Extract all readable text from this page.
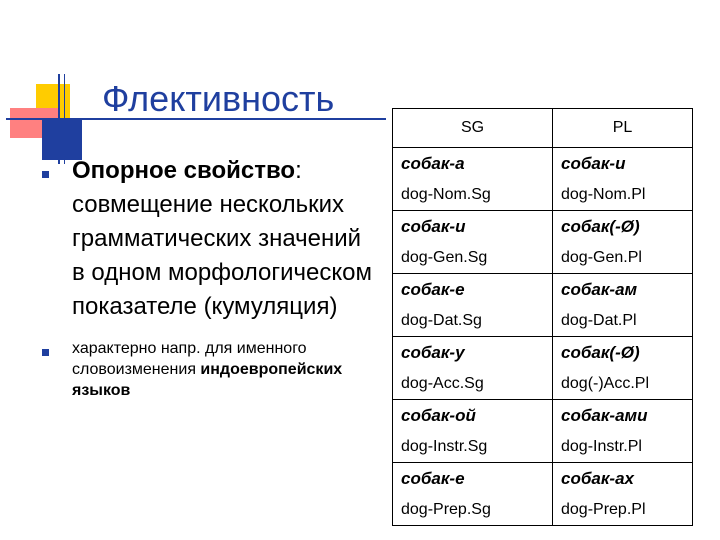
Флективность
Опорное свойство: совмещение нескольких грамматических значений в одном морфологическом показателе (кумуляция)
характерно напр. для именного словоизменения индоевропейских языков
SG	PL
собак-а	собак-и
dog-Nom.Sg	dog-Nom.Pl
собак-и	собак(-Ø)
dog-Gen.Sg	dog-Gen.Pl
собак-е	собак-ам
dog-Dat.Sg	dog-Dat.Pl
собак-у	собак(-Ø)
dog-Acc.Sg	dog(-)Acc.Pl
собак-ой	собак-ами
dog-Instr.Sg	dog-Instr.Pl
собак-е	собак-ах
dog-Prep.Sg	dog-Prep.Pl
